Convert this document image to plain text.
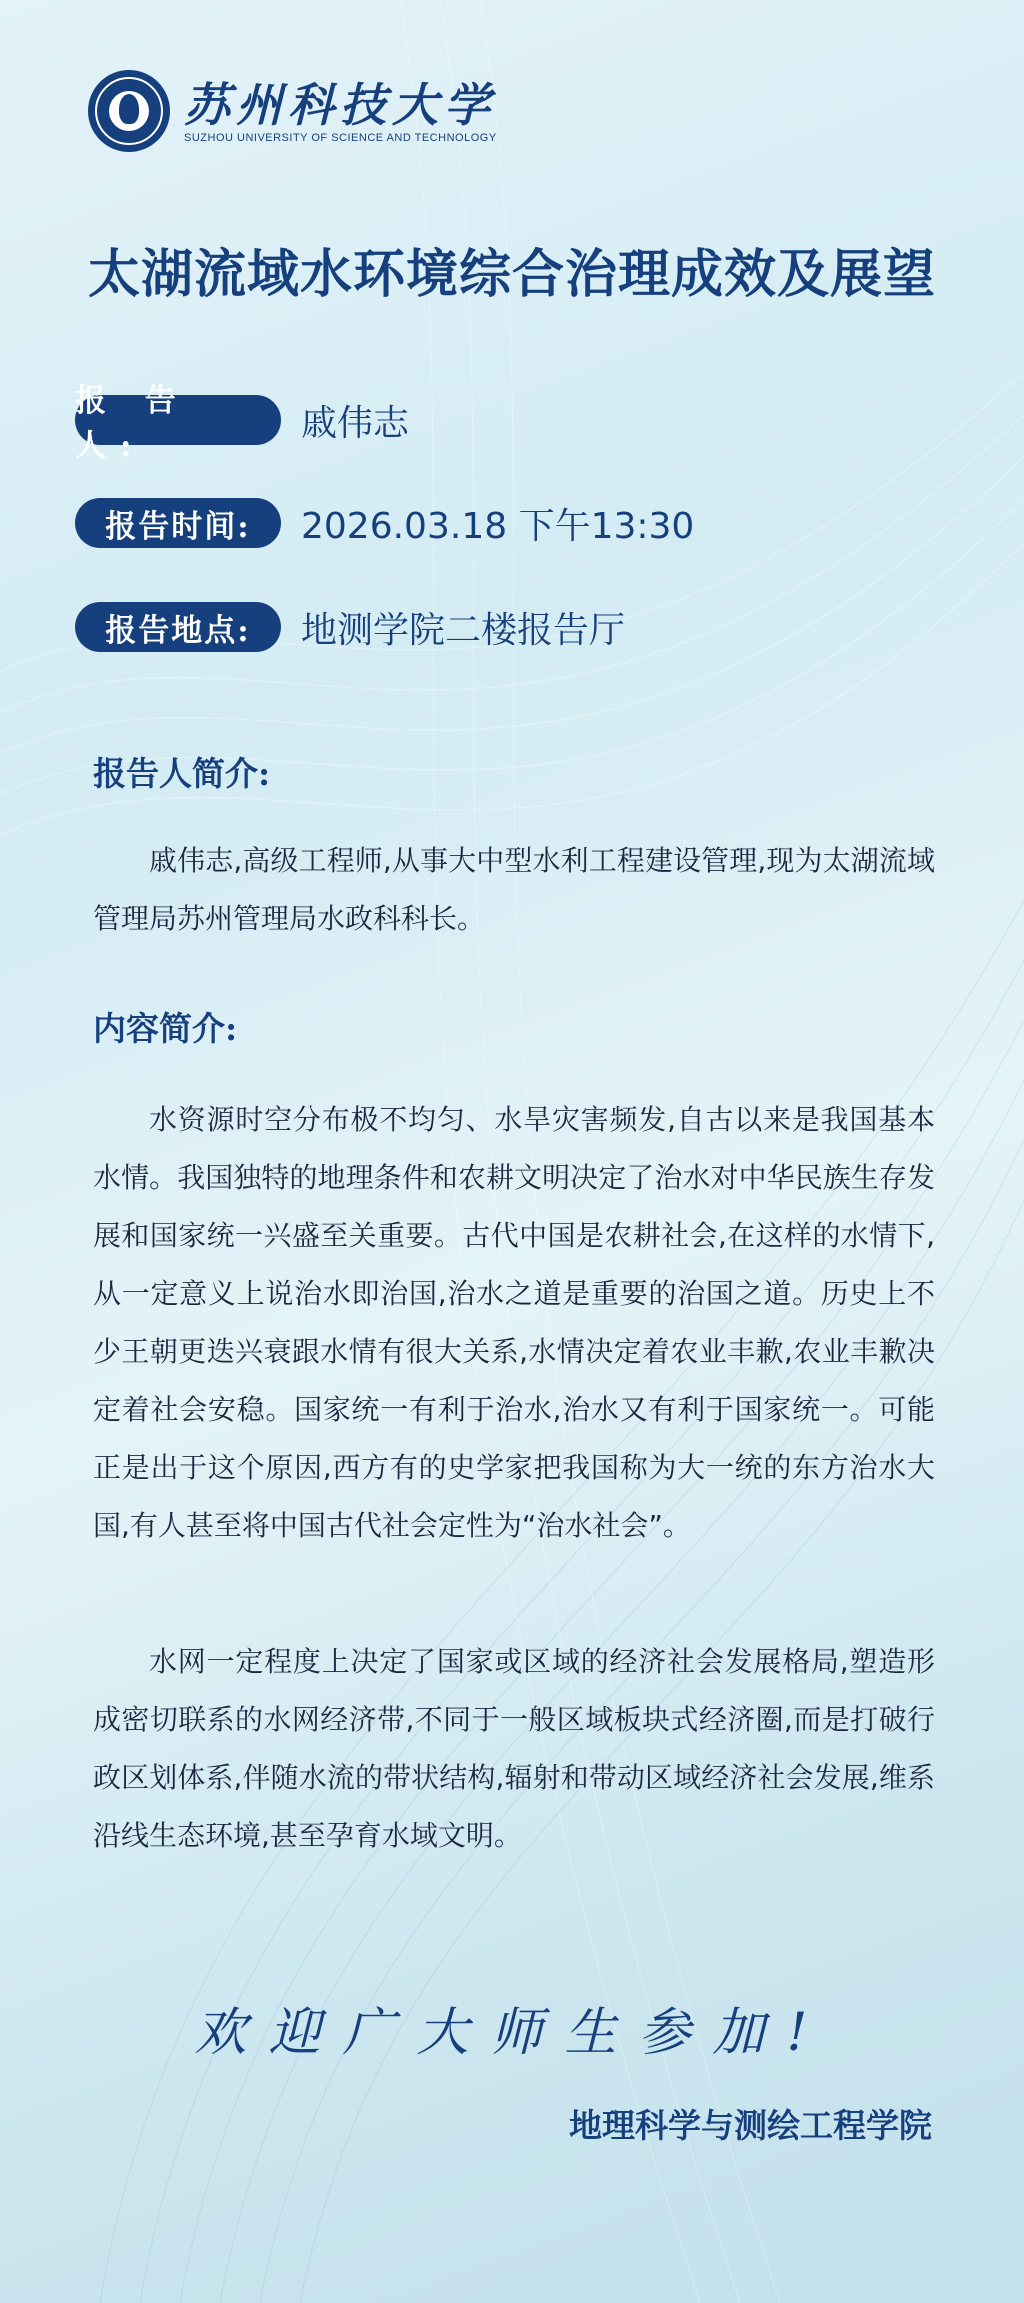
苏州科技大学
SUZHOU UNIVERSITY OF SCIENCE AND TECHNOLOGY
太湖流域水环境综合治理成效及展望
报 告 人:
戚伟志
报告时间:	2026.03.18 下午13:30
报告地点:	地测学院二楼报告厅
报告人简介:

戚伟志,高级工程师,从事大中型水利工程建设管理,现为太湖流域管理局苏州管理局水政科科长。

内容简介:

水资源时空分布极不均匀、水旱灾害频发,自古以来是我国基本水情。我国独特的地理条件和农耕文明决定了治水对中华民族生存发展和国家统一兴盛至关重要。古代中国是农耕社会,在这样的水情下,从一定意义上说治水即治国,治水之道是重要的治国之道。历史上不少王朝更迭兴衰跟水情有很大关系,水情决定着农业丰歉,农业丰歉决定着社会安稳。国家统一有利于治水,治水又有利于国家统一。可能正是出于这个原因,西方有的史学家把我国称为大一统的东方治水大国,有人甚至将中国古代社会定性为“治水社会”。

水网一定程度上决定了国家或区域的经济社会发展格局,塑造形成密切联系的水网经济带,不同于一般区域板块式经济圈,而是打破行政区划体系,伴随水流的带状结构,辐射和带动区域经济社会发展,维系沿线生态环境,甚至孕育水域文明。

欢迎广大师生参加!
地理科学与测绘工程学院
